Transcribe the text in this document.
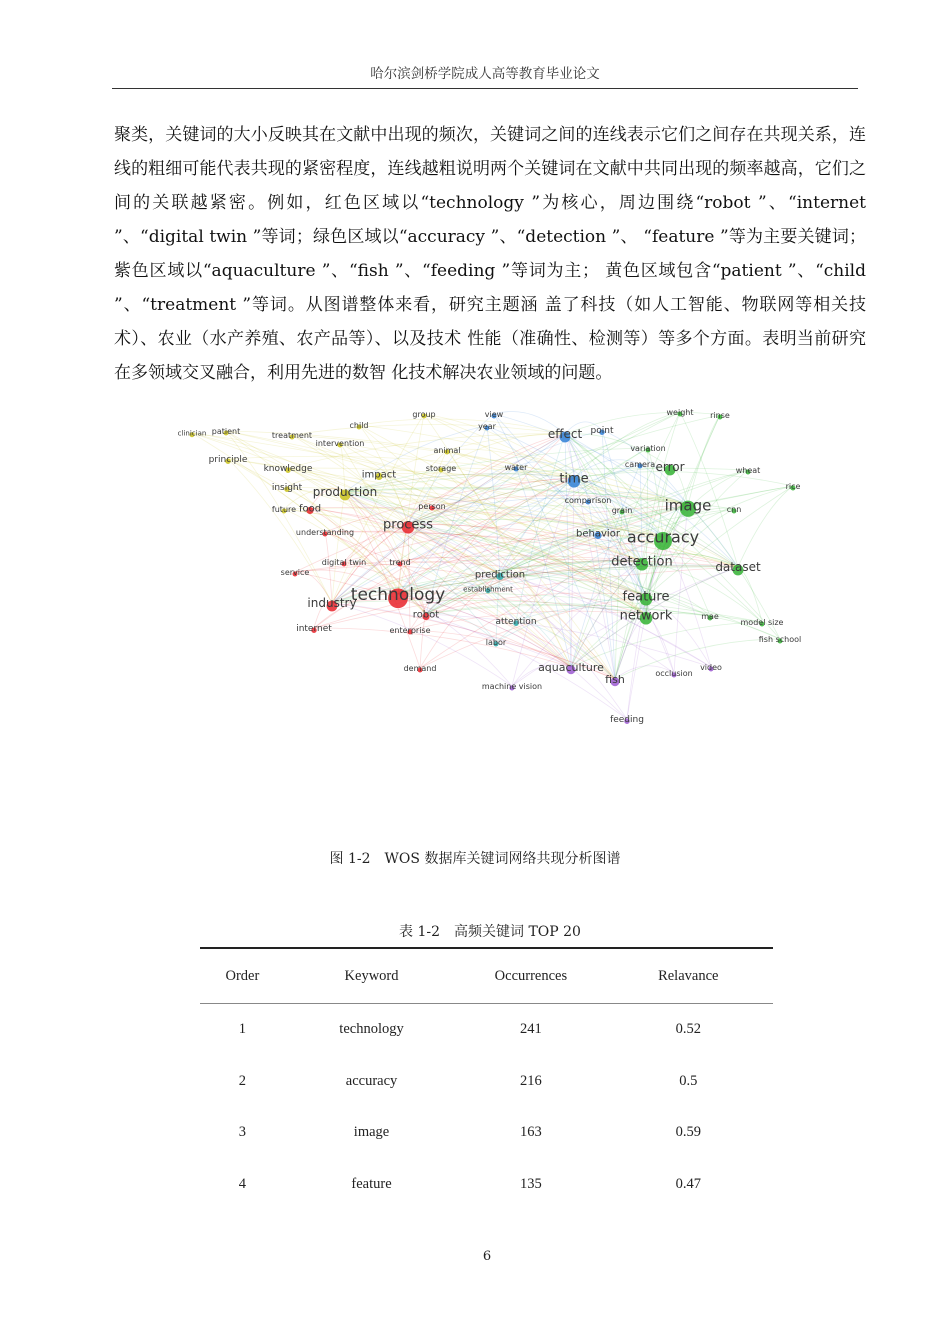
哈尔滨剑桥学院成人高等教育毕业论文

聚类，关键词的大小反映其在文献中出现的频次，关键词之间的连线表示它们之间存在共现关系，连线的粗细可能代表共现的紧密程度，连线越粗说明两个关键词在文献中共同出现的频率越高，它们之间的关联越紧密。例如，红色区域以“technology ”为核心，周边围绕“robot ”、“internet ”、“digital twin ”等词；绿色区域以“accuracy ”、“detection ”、 “feature ”等为主要关键词；紫色区域以“aquaculture ”、“fish ”、“feeding ”等词为主； 黄色区域包含“patient ”、“child ”、“treatment ”等词。从图谱整体来看，研究主题涵 盖了科技（如人工智能、物联网等相关技术）、农业（水产养殖、农产品等）、以及技术 性能（准确性、检测等）等多个方面。表明当前研究在多领域交叉融合，利用先进的数智 化技术解决农业领域的问题。

technology
industry
robot
internet	enterprise
demand
process
person
food
understanding
digital twin	trend
service
accuracy
image
detection
feature
network
dataset
error
variation
weight rinse
wheat
rice
grain	cnn
model size
fish school
mae
effect point
time
camera
comparison
behavior
water
view
year
group
child
clinician patient	treatment
intervention
principle
knowledge
insight production
impact
future
animal
storage
prediction
establishment
attention
labor
aquaculture
fish
feeding
machine vision
occlusion
video
图 1-2　WOS 数据库关键词网络共现分析图谱
表 1-2　高频关键词 TOP 20
Order	Keyword	Occurrences	Relavance
1	technology	241	0.52
2	accuracy	216	0.5
3	image	163	0.59
4	feature	135	0.47
6
